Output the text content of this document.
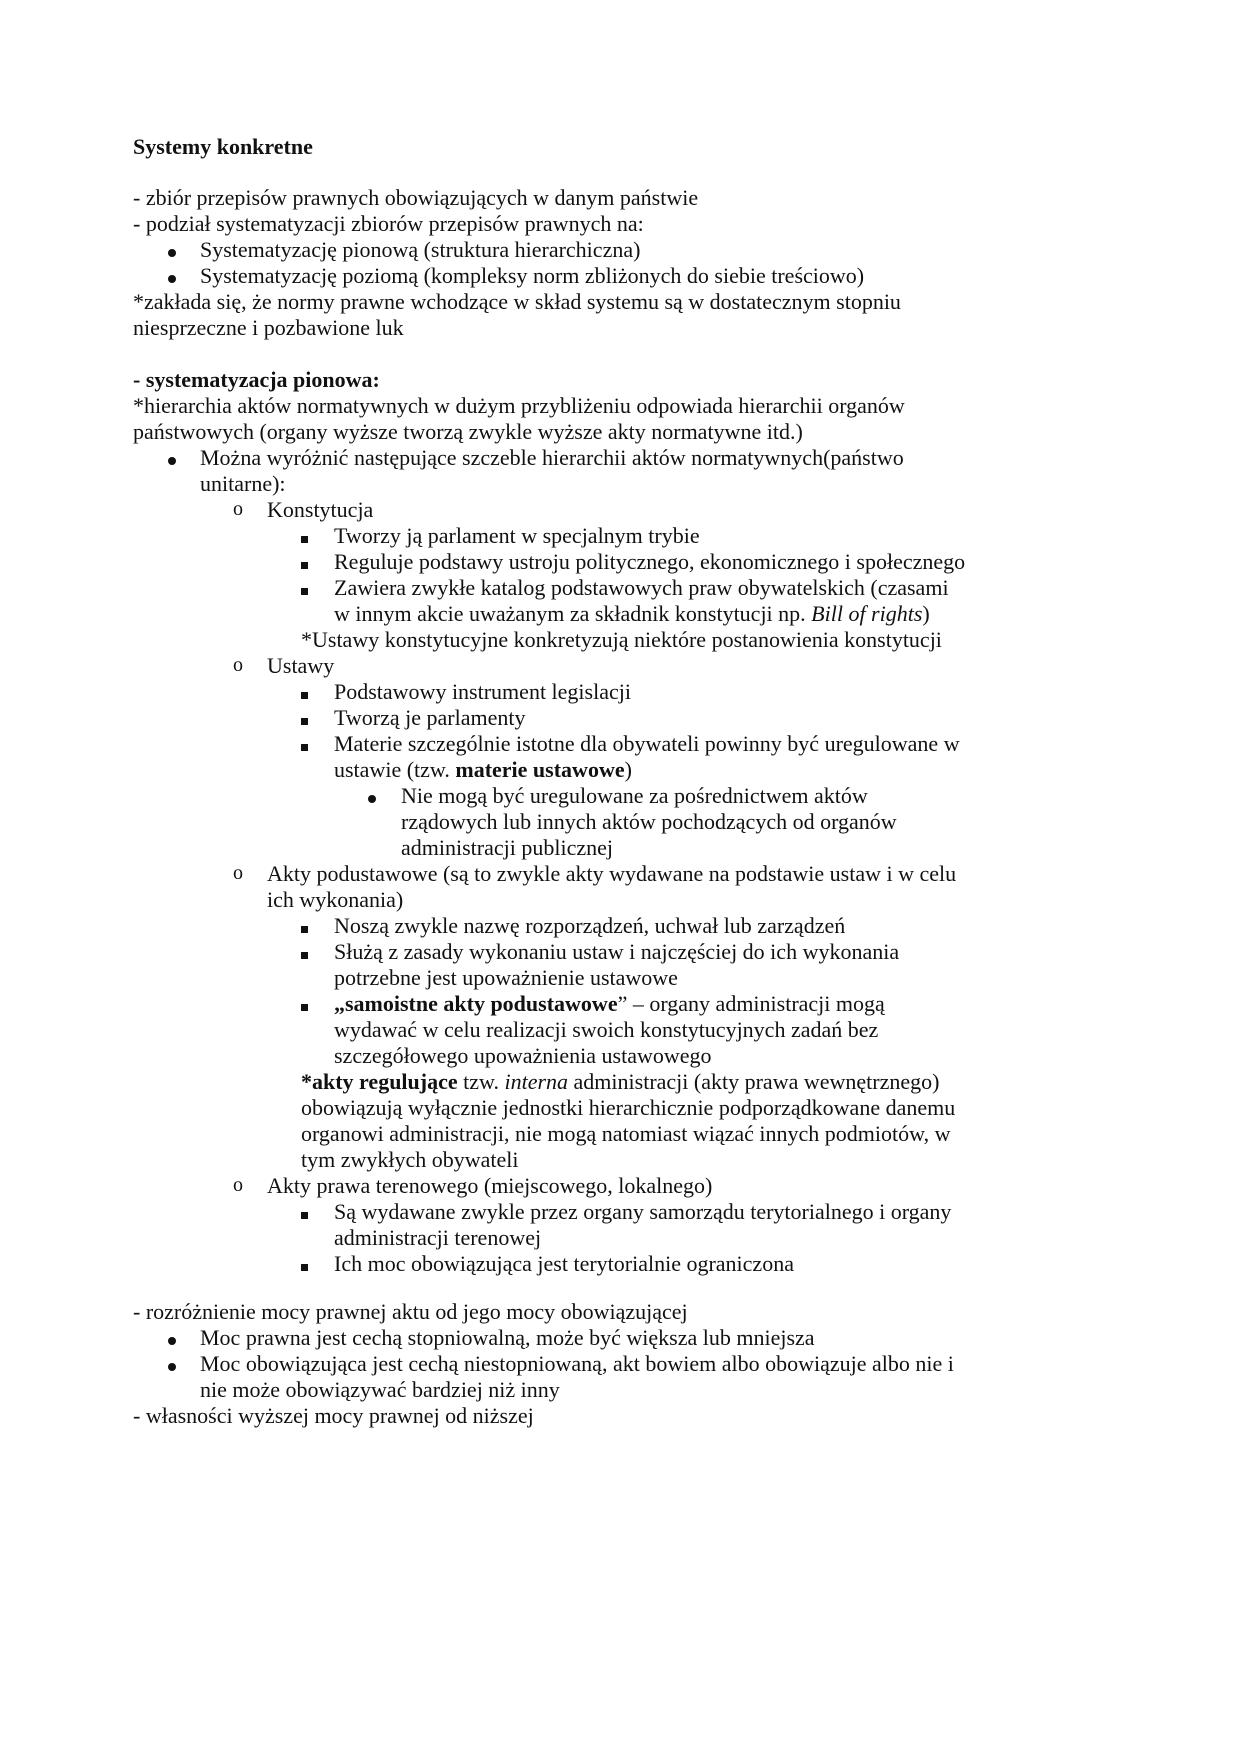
Systemy konkretne
- zbiór przepisów prawnych obowiązujących w danym państwie
- podział systematyzacji zbiorów przepisów prawnych na:
Systematyzację pionową (struktura hierarchiczna)
Systematyzację poziomą (kompleksy norm zbliżonych do siebie treściowo)
*zakłada się, że normy prawne wchodzące w skład systemu są w dostatecznym stopniu
niesprzeczne i pozbawione luk
- systematyzacja pionowa:
*hierarchia aktów normatywnych w dużym przybliżeniu odpowiada hierarchii organów
państwowych (organy wyższe tworzą zwykle wyższe akty normatywne itd.)
Można wyróżnić następujące szczeble hierarchii aktów normatywnych(państwo
unitarne):
o Konstytucja
Tworzy ją parlament w specjalnym trybie
Reguluje podstawy ustroju politycznego, ekonomicznego i społecznego
Zawiera zwykłe katalog podstawowych praw obywatelskich (czasami
w innym akcie uważanym za składnik konstytucji np. Bill of rights)
*Ustawy konstytucyjne konkretyzują niektóre postanowienia konstytucji
o Ustawy
Podstawowy instrument legislacji
Tworzą je parlamenty
Materie szczególnie istotne dla obywateli powinny być uregulowane w
ustawie (tzw. materie ustawowe)
Nie mogą być uregulowane za pośrednictwem aktów
rządowych lub innych aktów pochodzących od organów
administracji publicznej
o Akty podustawowe (są to zwykle akty wydawane na podstawie ustaw i w celu
ich wykonania)
Noszą zwykle nazwę rozporządzeń, uchwał lub zarządzeń
Służą z zasady wykonaniu ustaw i najczęściej do ich wykonania
potrzebne jest upoważnienie ustawowe
„samoistne akty podustawowe” – organy administracji mogą
wydawać w celu realizacji swoich konstytucyjnych zadań bez
szczegółowego upoważnienia ustawowego
*akty regulujące tzw. interna administracji (akty prawa wewnętrznego)
obowiązują wyłącznie jednostki hierarchicznie podporządkowane danemu
organowi administracji, nie mogą natomiast wiązać innych podmiotów, w
tym zwykłych obywateli
o Akty prawa terenowego (miejscowego, lokalnego)
Są wydawane zwykle przez organy samorządu terytorialnego i organy
administracji terenowej
Ich moc obowiązująca jest terytorialnie ograniczona
- rozróżnienie mocy prawnej aktu od jego mocy obowiązującej
Moc prawna jest cechą stopniowalną, może być większa lub mniejsza
Moc obowiązująca jest cechą niestopniowaną, akt bowiem albo obowiązuje albo nie i
nie może obowiązywać bardziej niż inny
- własności wyższej mocy prawnej od niższej
